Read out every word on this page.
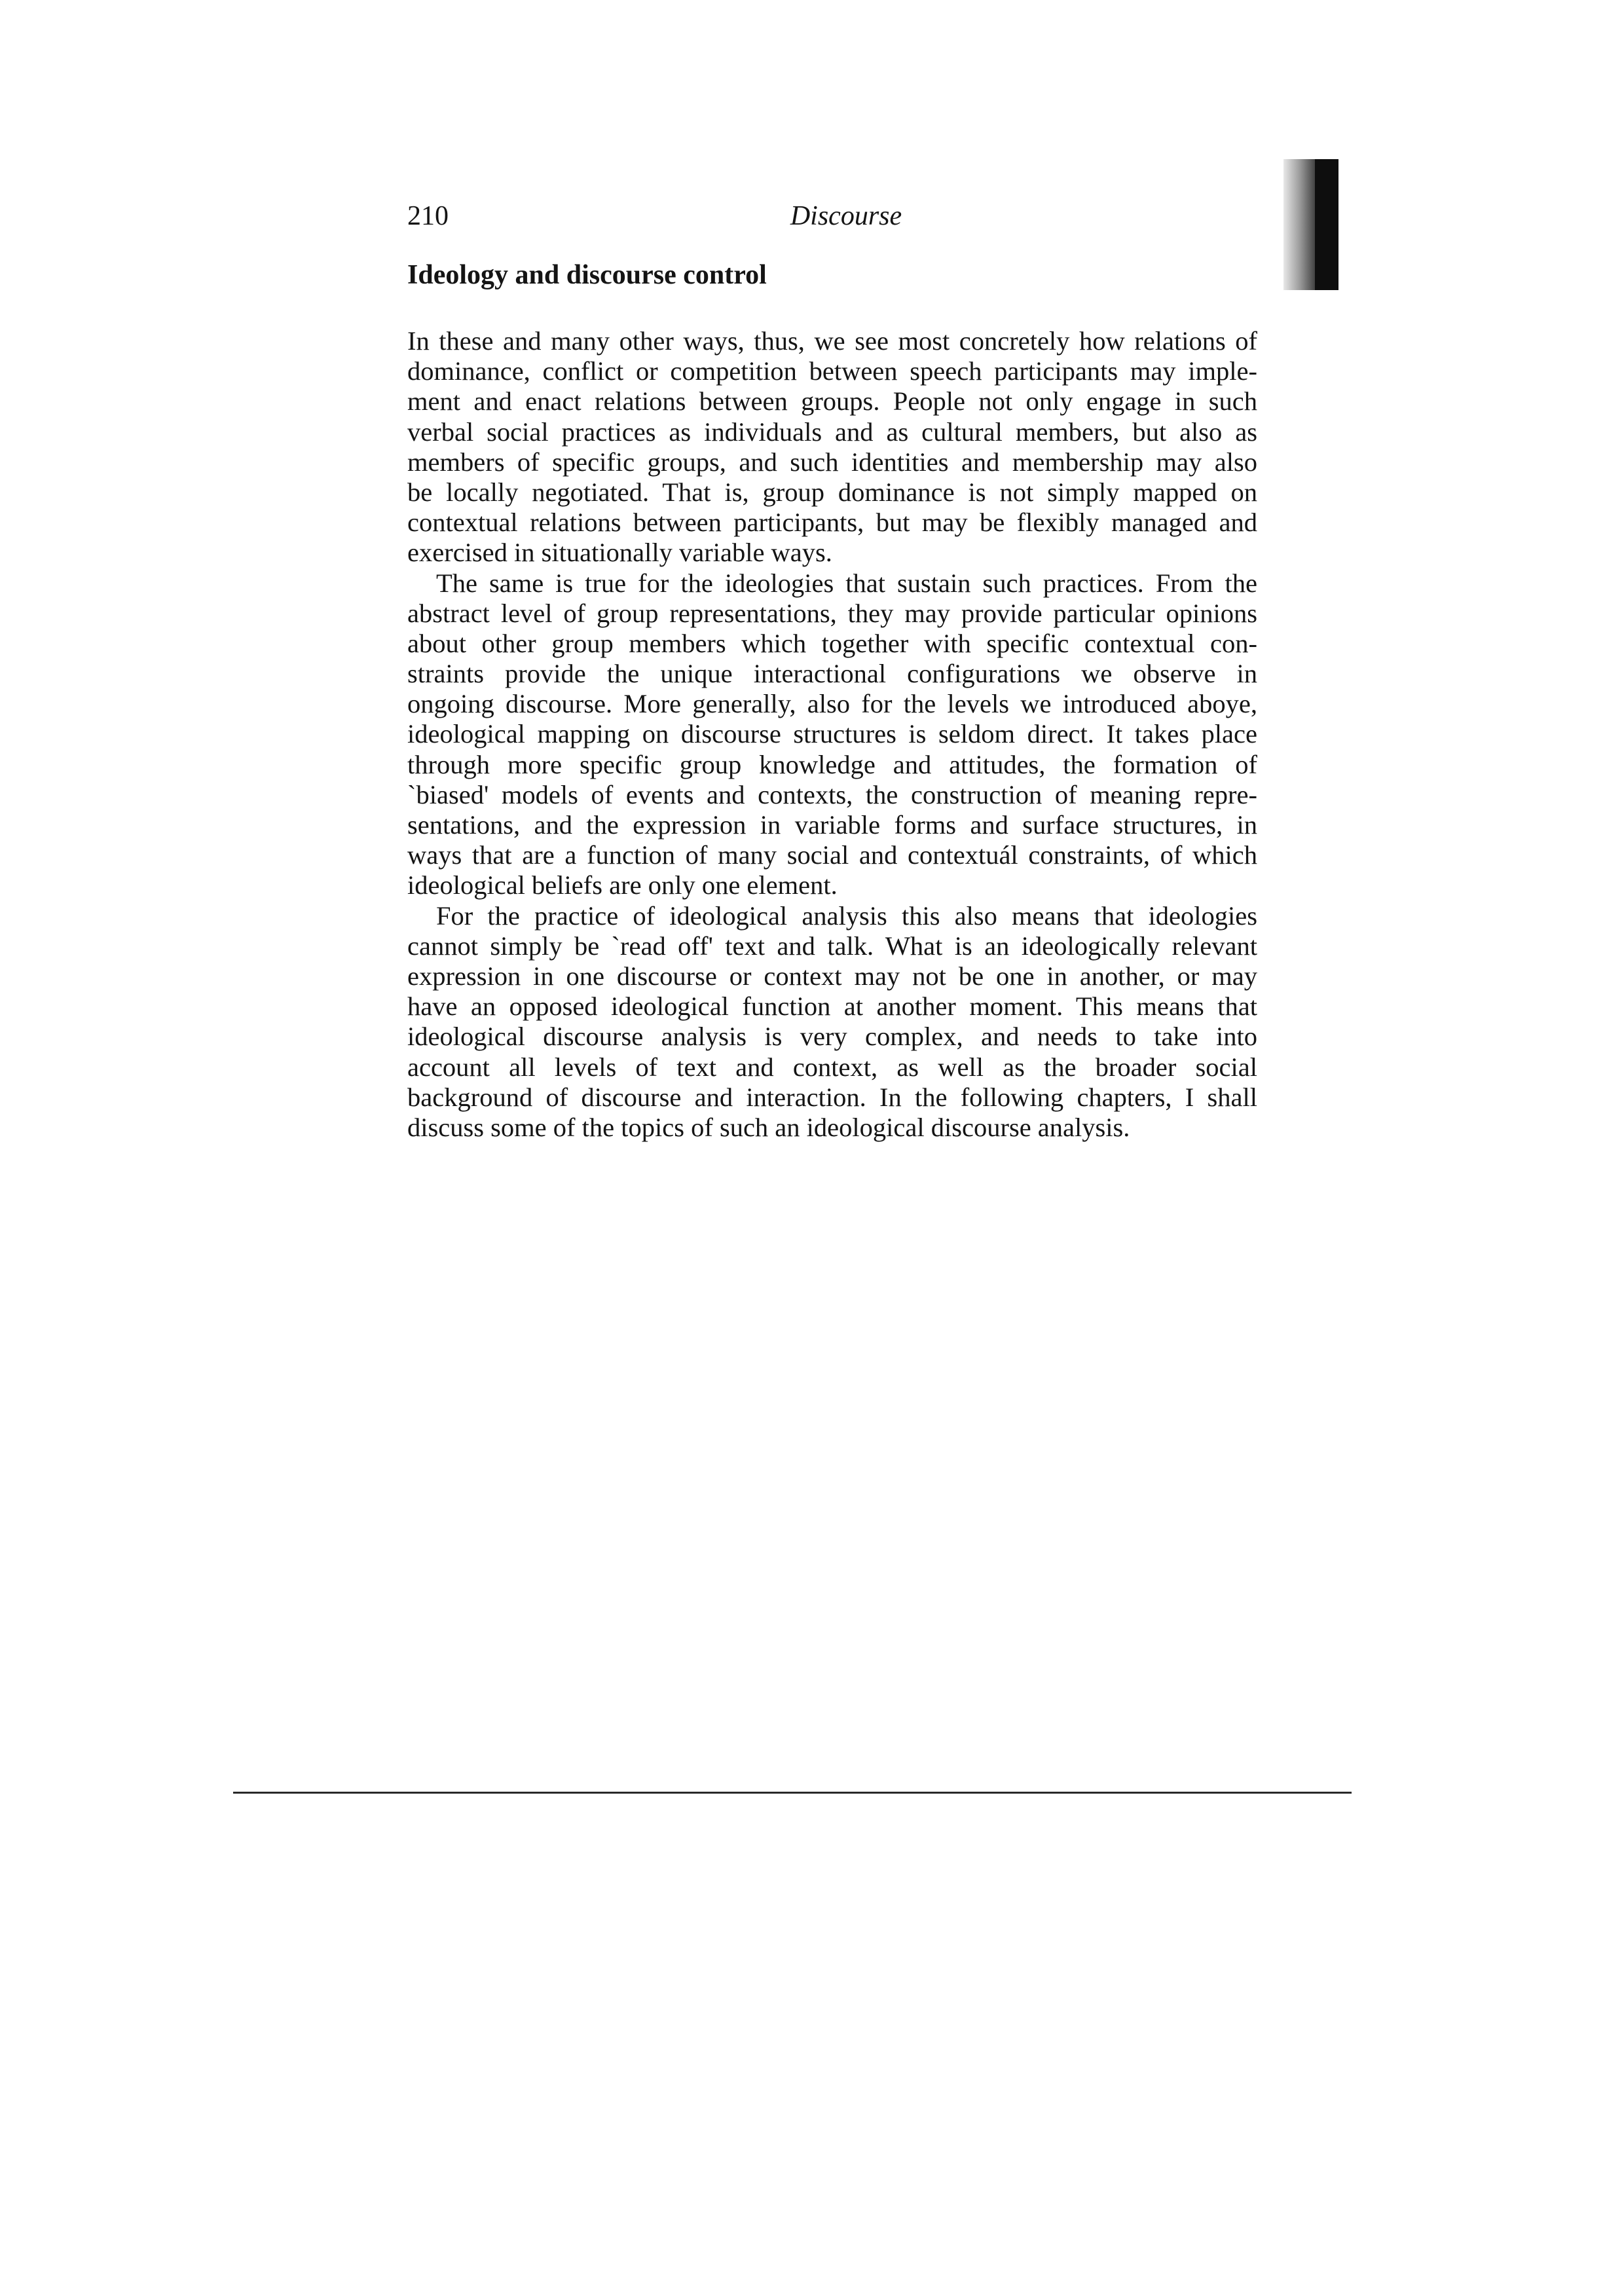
210	Discourse
Ideology and discourse control
In these and many other ways, thus, we see most concretely how relations of
dominance, conflict or competition between speech participants may imple-
ment and enact relations between groups. People not only engage in such
verbal social practices as individuals and as cultural members, but also as
members of specific groups, and such identities and membership may also
be locally negotiated. That is, group dominance is not simply mapped on
contextual relations between participants, but may be flexibly managed and
exercised in situationally variable ways.
The same is true for the ideologies that sustain such practices. From the
abstract level of group representations, they may provide particular opinions
about other group members which together with specific contextual con-
straints provide the unique interactional configurations we observe in
ongoing discourse. More generally, also for the levels we introduced aboye,
ideological mapping on discourse structures is seldom direct. It takes place
through more specific group knowledge and attitudes, the formation of
`biased' models of events and contexts, the construction of meaning repre-
sentations, and the expression in variable forms and surface structures, in
ways that are a function of many social and contextuál constraints, of which
ideological beliefs are only one element.
For the practice of ideological analysis this also means that ideologies
cannot simply be `read off' text and talk. What is an ideologically relevant
expression in one discourse or context may not be one in another, or may
have an opposed ideological function at another moment. This means that
ideological discourse analysis is very complex, and needs to take into
account all levels of text and context, as well as the broader social
background of discourse and interaction. In the following chapters, I shall
discuss some of the topics of such an ideological discourse analysis.
